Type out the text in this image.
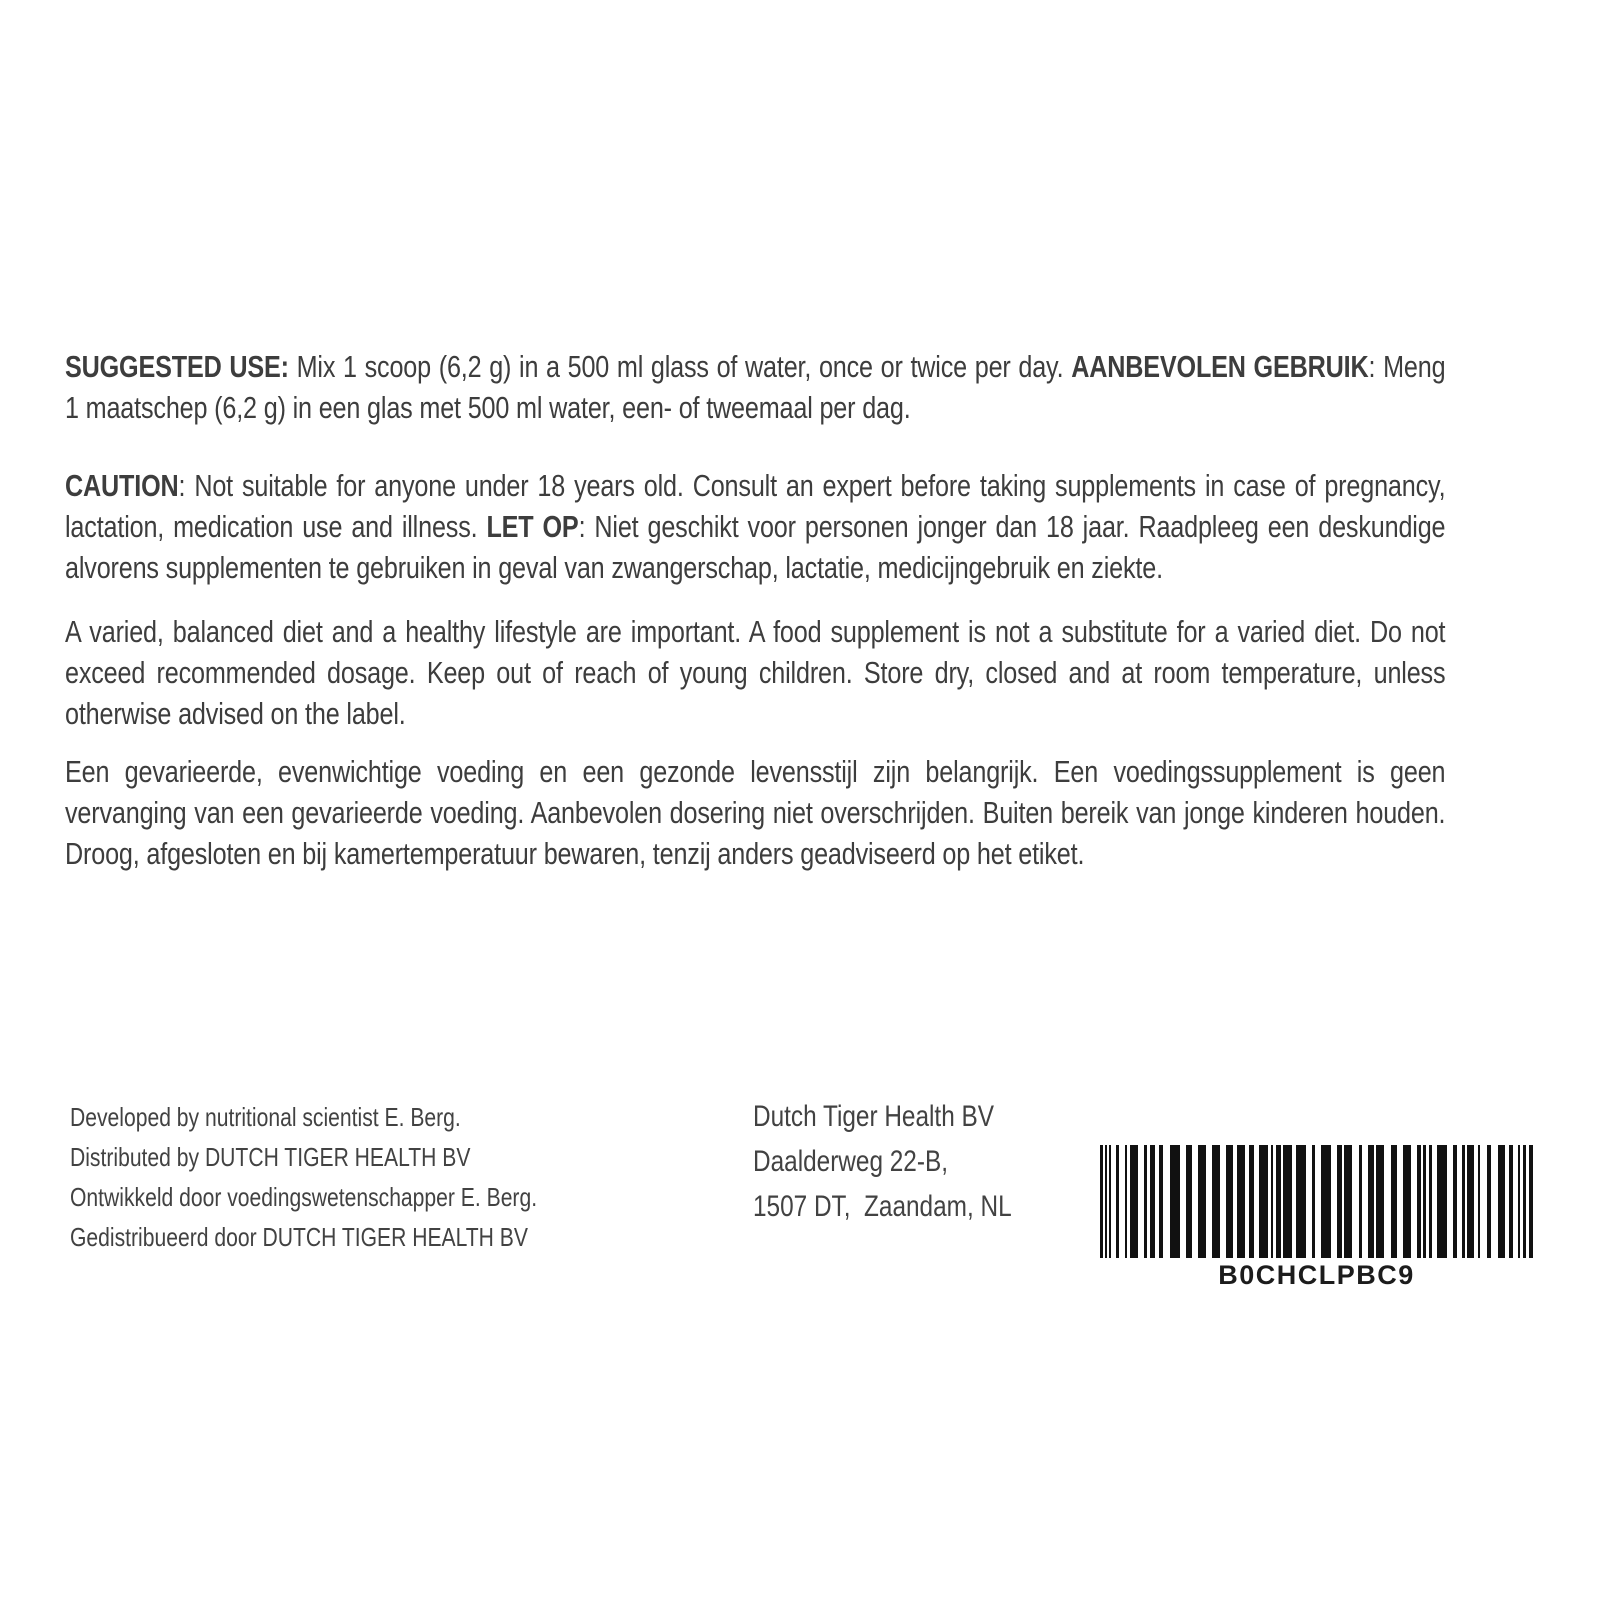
SUGGESTED USE: Mix 1 scoop (6,2 g) in a 500 ml glass of water, once or twice per day. AANBEVOLEN GEBRUIK: Meng 1 maatschep (6,2 g) in een glas met 500 ml water, een- of tweemaal per dag.

CAUTION: Not suitable for anyone under 18 years old. Consult an expert before taking supplements in case of pregnancy, lactation, medication use and illness. LET OP: Niet geschikt voor personen jonger dan 18 jaar. Raadpleeg een deskundige alvorens supplementen te gebruiken in geval van zwangerschap, lactatie, medicijngebruik en ziekte.

A varied, balanced diet and a healthy lifestyle are important. A food supplement is not a substitute for a varied diet. Do not exceed recommended dosage. Keep out of reach of young children. Store dry, closed and at room temperature, unless otherwise advised on the label.

Een gevarieerde, evenwichtige voeding en een gezonde levensstijl zijn belangrijk. Een voedingssupplement is geen vervanging van een gevarieerde voeding. Aanbevolen dosering niet overschrijden. Buiten bereik van jonge kinderen houden. Droog, afgesloten en bij kamertemperatuur bewaren, tenzij anders geadviseerd op het etiket.

Developed by nutritional scientist E. Berg.
Distributed by DUTCH TIGER HEALTH BV
Ontwikkeld door voedingswetenschapper E. Berg.
Gedistribueerd door DUTCH TIGER HEALTH BV
Dutch Tiger Health BV
Daalderweg 22-B,
1507 DT,  Zaandam, NL
B0CHCLPBC9
